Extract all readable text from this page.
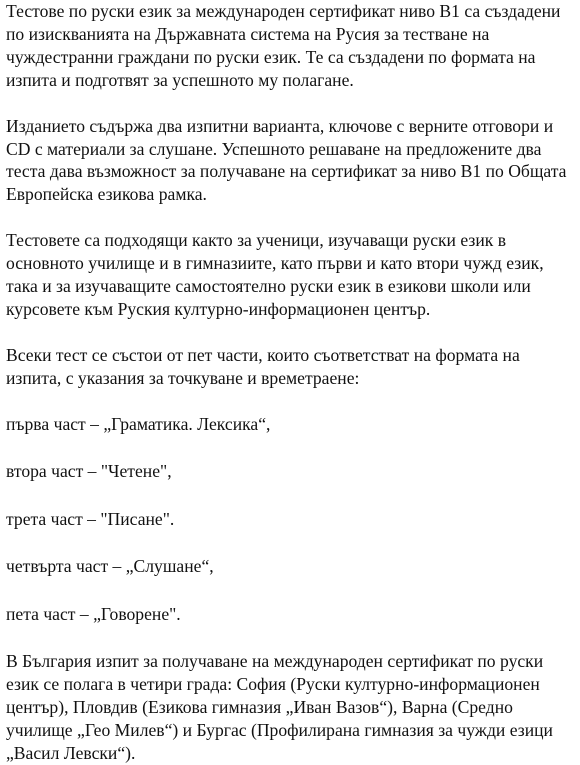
Тестове по руски език за международен сертификат ниво В1 са създадени по изискванията на Държавната система на Русия за тестване на чуждестранни граждани по руски език. Те са създадени по формата на изпита и подготвят за успешното му полагане.

Изданието съдържа два изпитни варианта, ключове с верните отговори и CD с материали за слушане. Успешното решаване на предложените два теста дава възможност за получаване на сертификат за ниво В1 по Общата Европейска езикова рамка.

Тестовете са подходящи както за ученици, изучаващи руски език в основното училище и в гимназиите, като първи и като втори чужд език, така и за изучаващите самостоятелно руски език в езикови школи или курсовете към Руския културно-информационен център.

Всеки тест се състои от пет части, които съответстват на формата на изпита, с указания за точкуване и времетраене:

първа част – „Граматика. Лексика“,

втора част – "Четене",

трета част – "Писане".

четвърта част – „Слушане“,

пета част – „Говорене".

В България изпит за получаване на международен сертификат по руски език се полага в четири града: София (Руски културно-информационен център), Пловдив (Езикова гимназия „Иван Вазов“), Варна (Средно училище „Гео Милев“) и Бургас (Профилирана гимназия за чужди езици „Васил Левски“).
